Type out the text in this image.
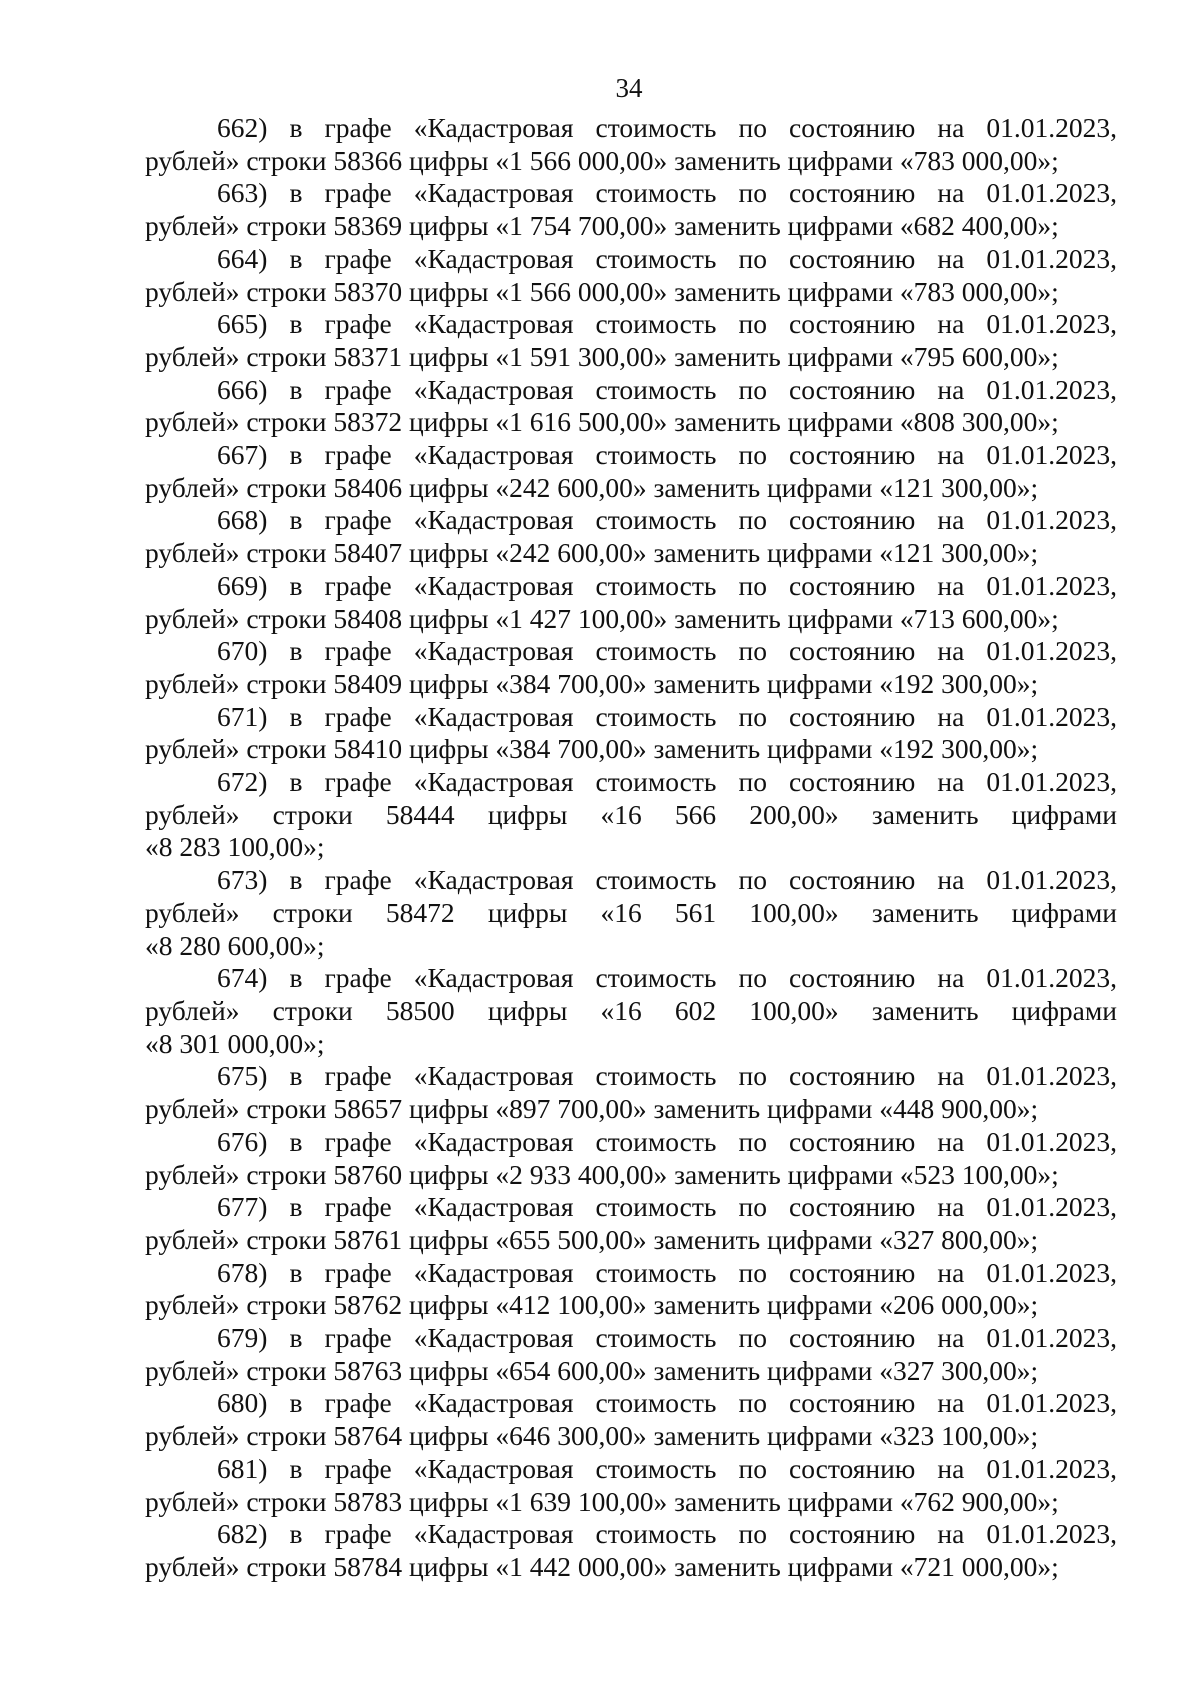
34
662) в графе «Кадастровая стоимость по состоянию на 01.01.2023,
рублей» строки 58366 цифры «1 566 000,00» заменить цифрами «783 000,00»;
663) в графе «Кадастровая стоимость по состоянию на 01.01.2023,
рублей» строки 58369 цифры «1 754 700,00» заменить цифрами «682 400,00»;
664) в графе «Кадастровая стоимость по состоянию на 01.01.2023,
рублей» строки 58370 цифры «1 566 000,00» заменить цифрами «783 000,00»;
665) в графе «Кадастровая стоимость по состоянию на 01.01.2023,
рублей» строки 58371 цифры «1 591 300,00» заменить цифрами «795 600,00»;
666) в графе «Кадастровая стоимость по состоянию на 01.01.2023,
рублей» строки 58372 цифры «1 616 500,00» заменить цифрами «808 300,00»;
667) в графе «Кадастровая стоимость по состоянию на 01.01.2023,
рублей» строки 58406 цифры «242 600,00» заменить цифрами «121 300,00»;
668) в графе «Кадастровая стоимость по состоянию на 01.01.2023,
рублей» строки 58407 цифры «242 600,00» заменить цифрами «121 300,00»;
669) в графе «Кадастровая стоимость по состоянию на 01.01.2023,
рублей» строки 58408 цифры «1 427 100,00» заменить цифрами «713 600,00»;
670) в графе «Кадастровая стоимость по состоянию на 01.01.2023,
рублей» строки 58409 цифры «384 700,00» заменить цифрами «192 300,00»;
671) в графе «Кадастровая стоимость по состоянию на 01.01.2023,
рублей» строки 58410 цифры «384 700,00» заменить цифрами «192 300,00»;
672) в графе «Кадастровая стоимость по состоянию на 01.01.2023,
рублей» строки 58444 цифры «16 566 200,00» заменить цифрами
«8 283 100,00»;
673) в графе «Кадастровая стоимость по состоянию на 01.01.2023,
рублей» строки 58472 цифры «16 561 100,00» заменить цифрами
«8 280 600,00»;
674) в графе «Кадастровая стоимость по состоянию на 01.01.2023,
рублей» строки 58500 цифры «16 602 100,00» заменить цифрами
«8 301 000,00»;
675) в графе «Кадастровая стоимость по состоянию на 01.01.2023,
рублей» строки 58657 цифры «897 700,00» заменить цифрами «448 900,00»;
676) в графе «Кадастровая стоимость по состоянию на 01.01.2023,
рублей» строки 58760 цифры «2 933 400,00» заменить цифрами «523 100,00»;
677) в графе «Кадастровая стоимость по состоянию на 01.01.2023,
рублей» строки 58761 цифры «655 500,00» заменить цифрами «327 800,00»;
678) в графе «Кадастровая стоимость по состоянию на 01.01.2023,
рублей» строки 58762 цифры «412 100,00» заменить цифрами «206 000,00»;
679) в графе «Кадастровая стоимость по состоянию на 01.01.2023,
рублей» строки 58763 цифры «654 600,00» заменить цифрами «327 300,00»;
680) в графе «Кадастровая стоимость по состоянию на 01.01.2023,
рублей» строки 58764 цифры «646 300,00» заменить цифрами «323 100,00»;
681) в графе «Кадастровая стоимость по состоянию на 01.01.2023,
рублей» строки 58783 цифры «1 639 100,00» заменить цифрами «762 900,00»;
682) в графе «Кадастровая стоимость по состоянию на 01.01.2023,
рублей» строки 58784 цифры «1 442 000,00» заменить цифрами «721 000,00»;
